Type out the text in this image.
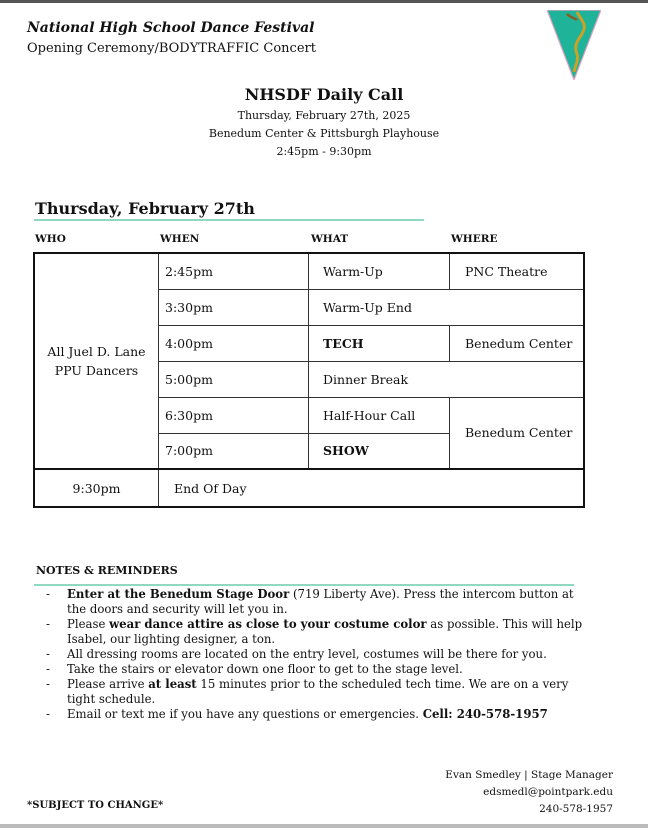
National High School Dance Festival
Opening Ceremony/BODYTRAFFIC Concert
NHSDF Daily Call
Thursday, February 27th, 2025
Benedum Center & Pittsburgh Playhouse
2:45pm - 9:30pm
Thursday, February 27th
WHO	WHEN	WHAT	WHERE
All Juel D. Lane PPU Dancers	2:45pm	Warm-Up	PNC Theatre
	3:30pm	Warm-Up End	
	4:00pm	TECH	Benedum Center
	5:00pm	Dinner Break	
	6:30pm	Half-Hour Call	Benedum Center
	7:00pm	SHOW	
9:30pm	End Of Day		
NOTES & REMINDERS
- Enter at the Benedum Stage Door (719 Liberty Ave). Press the intercom button at the doors and security will let you in.
- Please wear dance attire as close to your costume color as possible. This will help Isabel, our lighting designer, a ton.
- All dressing rooms are located on the entry level, costumes will be there for you.
- Take the stairs or elevator down one floor to get to the stage level.
- Please arrive at least 15 minutes prior to the scheduled tech time. We are on a very tight schedule.
- Email or text me if you have any questions or emergencies. Cell: 240-578-1957
Evan Smedley | Stage Manager
edsmedl@pointpark.edu
240-578-1957
*SUBJECT TO CHANGE*
